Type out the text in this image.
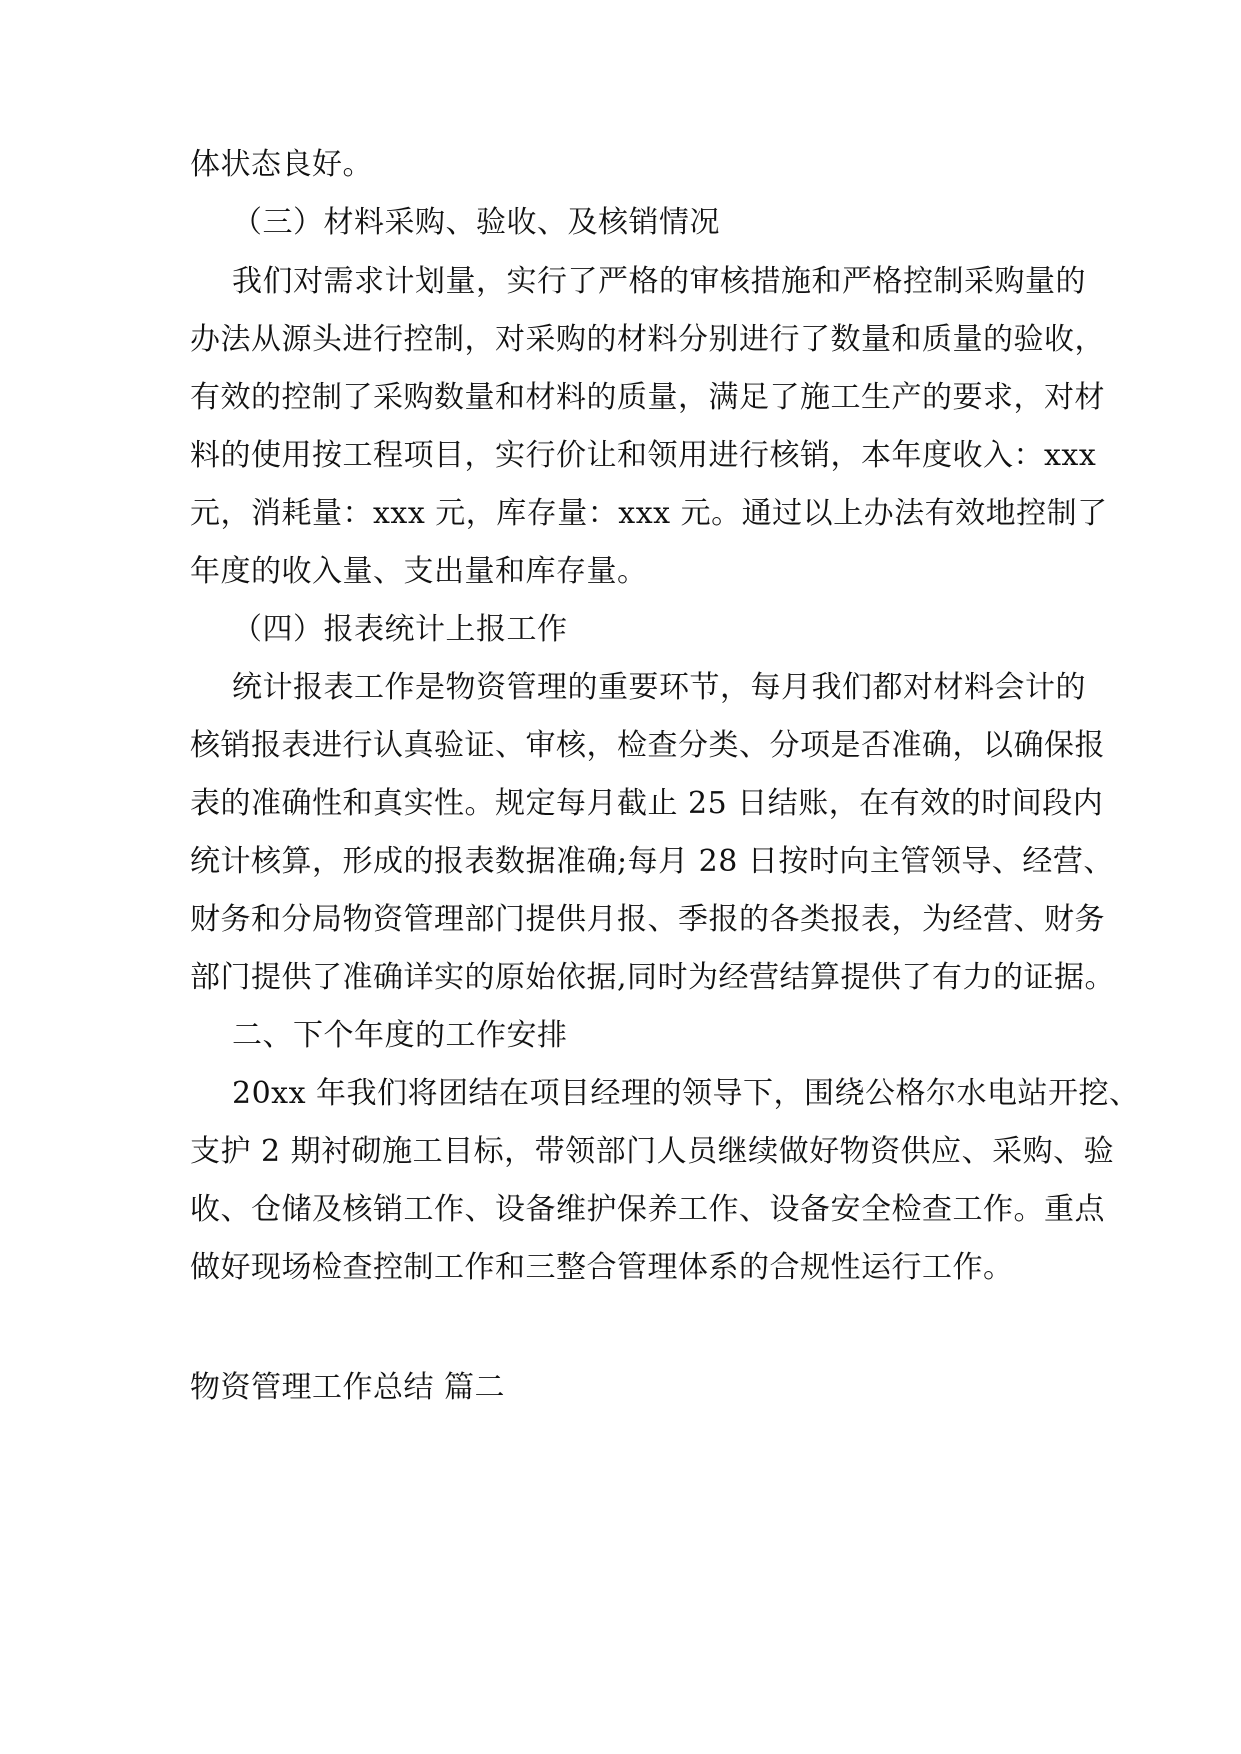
体状态良好。
（三）材料采购、验收、及核销情况
我们对需求计划量，实行了严格的审核措施和严格控制采购量的
办法从源头进行控制，对采购的材料分别进行了数量和质量的验收，
有效的控制了采购数量和材料的质量，满足了施工生产的要求，对材
料的使用按工程项目，实行价让和领用进行核销，本年度收入：xxx
元，消耗量：xxx 元，库存量：xxx 元。通过以上办法有效地控制了
年度的收入量、支出量和库存量。
（四）报表统计上报工作
统计报表工作是物资管理的重要环节，每月我们都对材料会计的
核销报表进行认真验证、审核，检查分类、分项是否准确，以确保报
表的准确性和真实性。规定每月截止 25 日结账，在有效的时间段内
统计核算，形成的报表数据准确;每月 28 日按时向主管领导、经营、
财务和分局物资管理部门提供月报、季报的各类报表，为经营、财务
部门提供了准确详实的原始依据,同时为经营结算提供了有力的证据。
二、下个年度的工作安排
20xx 年我们将团结在项目经理的领导下，围绕公格尔水电站开挖、
支护 2 期衬砌施工目标，带领部门人员继续做好物资供应、采购、验
收、仓储及核销工作、设备维护保养工作、设备安全检查工作。重点
做好现场检查控制工作和三整合管理体系的合规性运行工作。
物资管理工作总结 篇二
